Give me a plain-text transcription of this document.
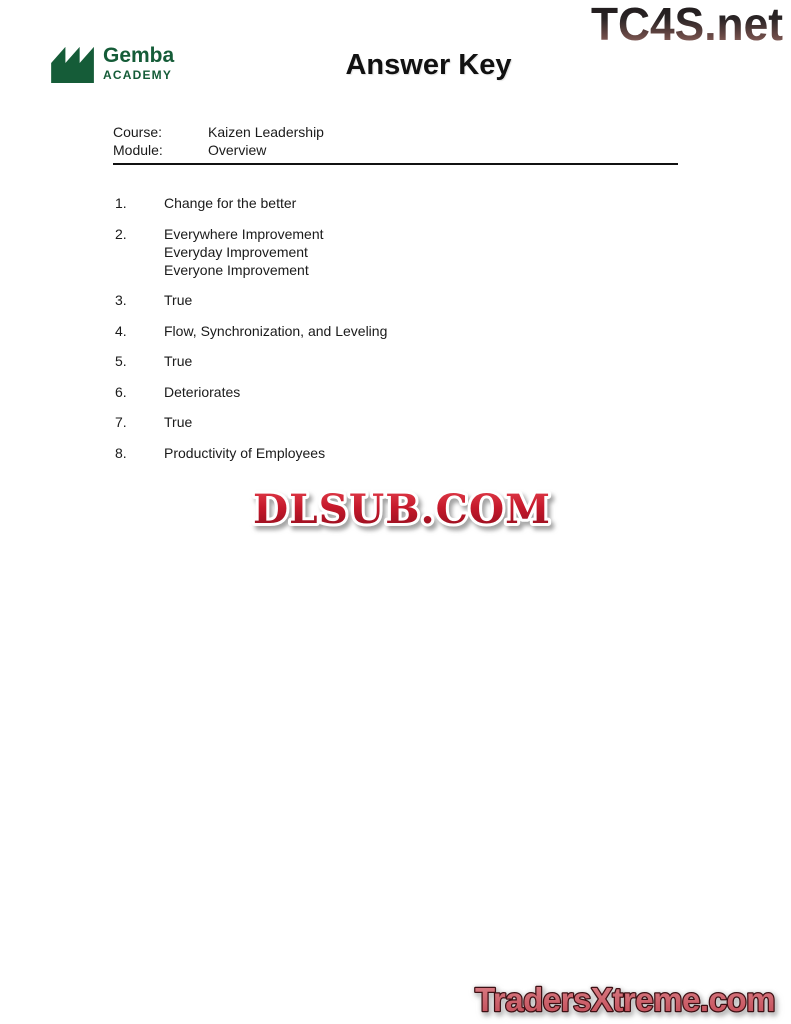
TC4S.net
Gemba
ACADEMY	Answer Key
Course:	Kaizen Leadership
Module:	Overview
1.	Change for the better
2.	Everywhere Improvement
Everyday Improvement
Everyone Improvement
3.	True
4.	Flow, Synchronization, and Leveling
5.	True
6.	Deteriorates
7.	True
8.	Productivity of Employees
DLSUB.COM
TradersXtreme.com
